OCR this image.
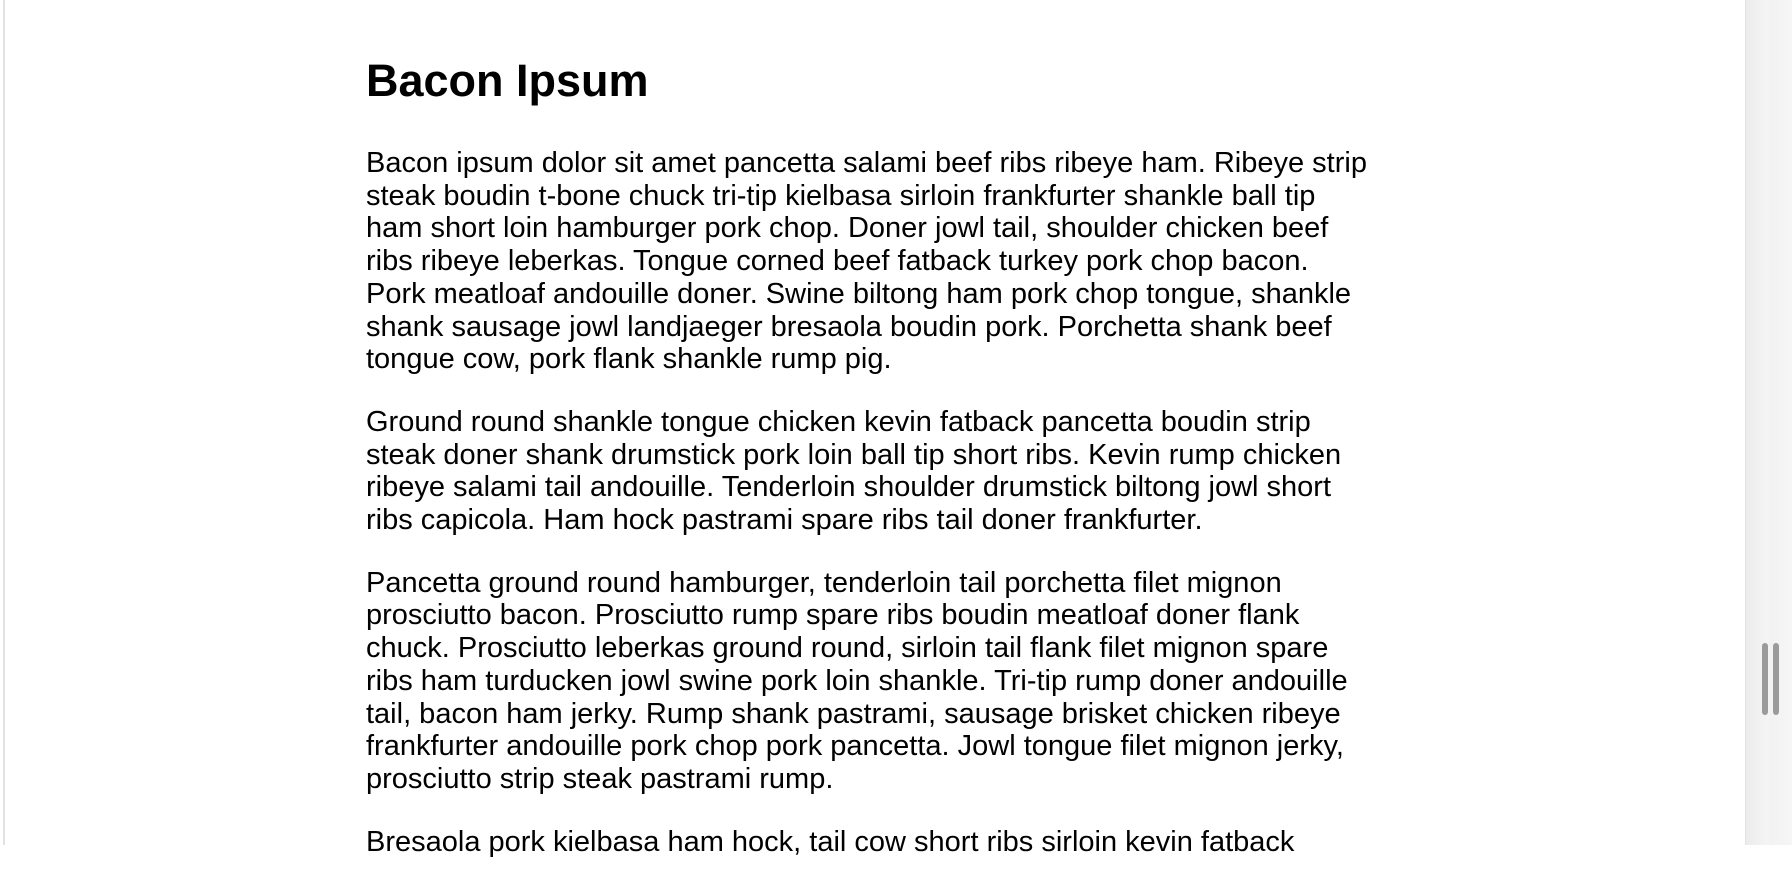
Bacon Ipsum

Bacon ipsum dolor sit amet pancetta salami beef ribs ribeye ham. Ribeye strip steak boudin t-bone chuck tri-tip kielbasa sirloin frankfurter shankle ball tip ham short loin hamburger pork chop. Doner jowl tail, shoulder chicken beef ribs ribeye leberkas. Tongue corned beef fatback turkey pork chop bacon. Pork meatloaf andouille doner. Swine biltong ham pork chop tongue, shankle shank sausage jowl landjaeger bresaola boudin pork. Porchetta shank beef tongue cow, pork flank shankle rump pig.

Ground round shankle tongue chicken kevin fatback pancetta boudin strip steak doner shank drumstick pork loin ball tip short ribs. Kevin rump chicken ribeye salami tail andouille. Tenderloin shoulder drumstick biltong jowl short ribs capicola. Ham hock pastrami spare ribs tail doner frankfurter.

Pancetta ground round hamburger, tenderloin tail porchetta filet mignon prosciutto bacon. Prosciutto rump spare ribs boudin meatloaf doner flank chuck. Prosciutto leberkas ground round, sirloin tail flank filet mignon spare ribs ham turducken jowl swine pork loin shankle. Tri-tip rump doner andouille tail, bacon ham jerky. Rump shank pastrami, sausage brisket chicken ribeye frankfurter andouille pork chop pork pancetta. Jowl tongue filet mignon jerky, prosciutto strip steak pastrami rump.

Bresaola pork kielbasa ham hock, tail cow short ribs sirloin kevin fatback
